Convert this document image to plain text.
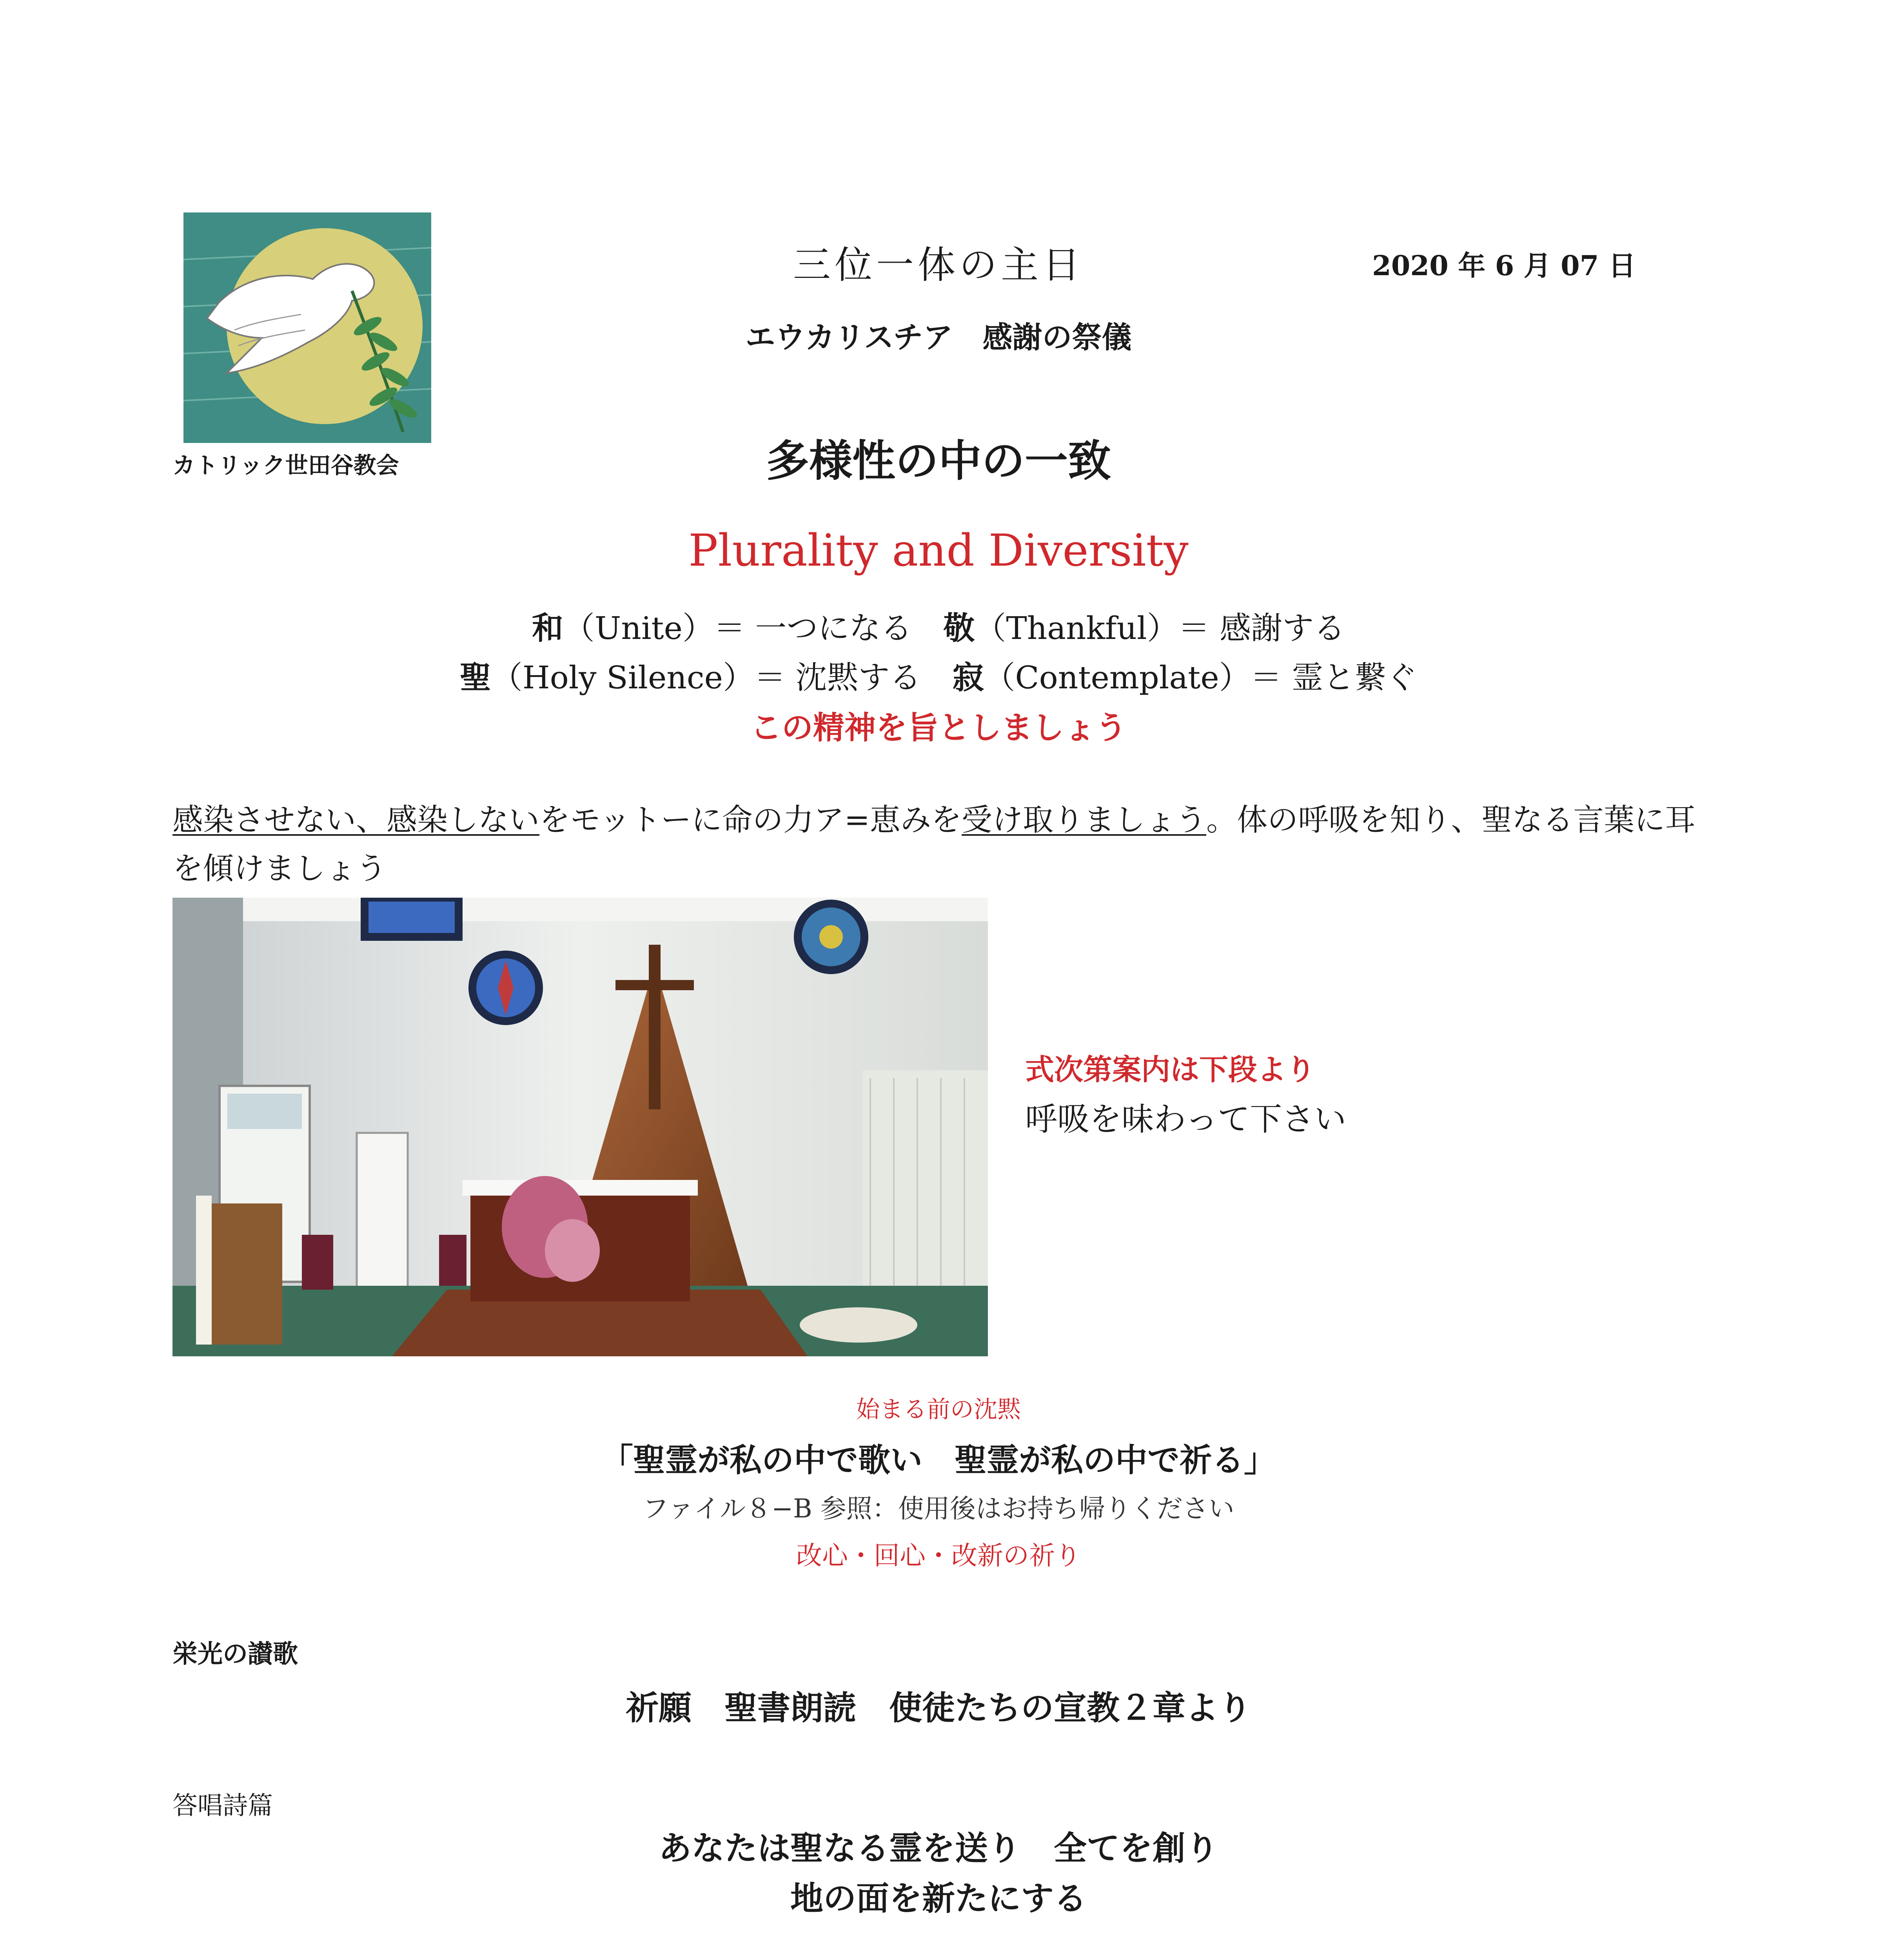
カトリック世田谷教会
三位一体の主日	2020 年 6 月 07 日
エウカリスチア　感謝の祭儀
多様性の中の一致
Plurality and Diversity
和（Unite）＝ 一つになる　敬（Thankful）＝ 感謝する
聖（Holy Silence）＝ 沈黙する　寂（Contemplate）＝ 霊と繋ぐ
この精神を旨としましょう
感染させない、感染しないをモットーに命の力ア=恵みを受け取りましょう。体の呼吸を知り、聖なる言葉に耳を傾けましょう
式次第案内は下段より
呼吸を味わって下さい
始まる前の沈黙
「聖霊が私の中で歌い　聖霊が私の中で祈る」
ファイル８−B 参照：使用後はお持ち帰りください
改心・回心・改新の祈り
栄光の讃歌
祈願　聖書朗読　使徒たちの宣教２章より
答唱詩篇
あなたは聖なる霊を送り　全てを創り
地の面を新たにする
